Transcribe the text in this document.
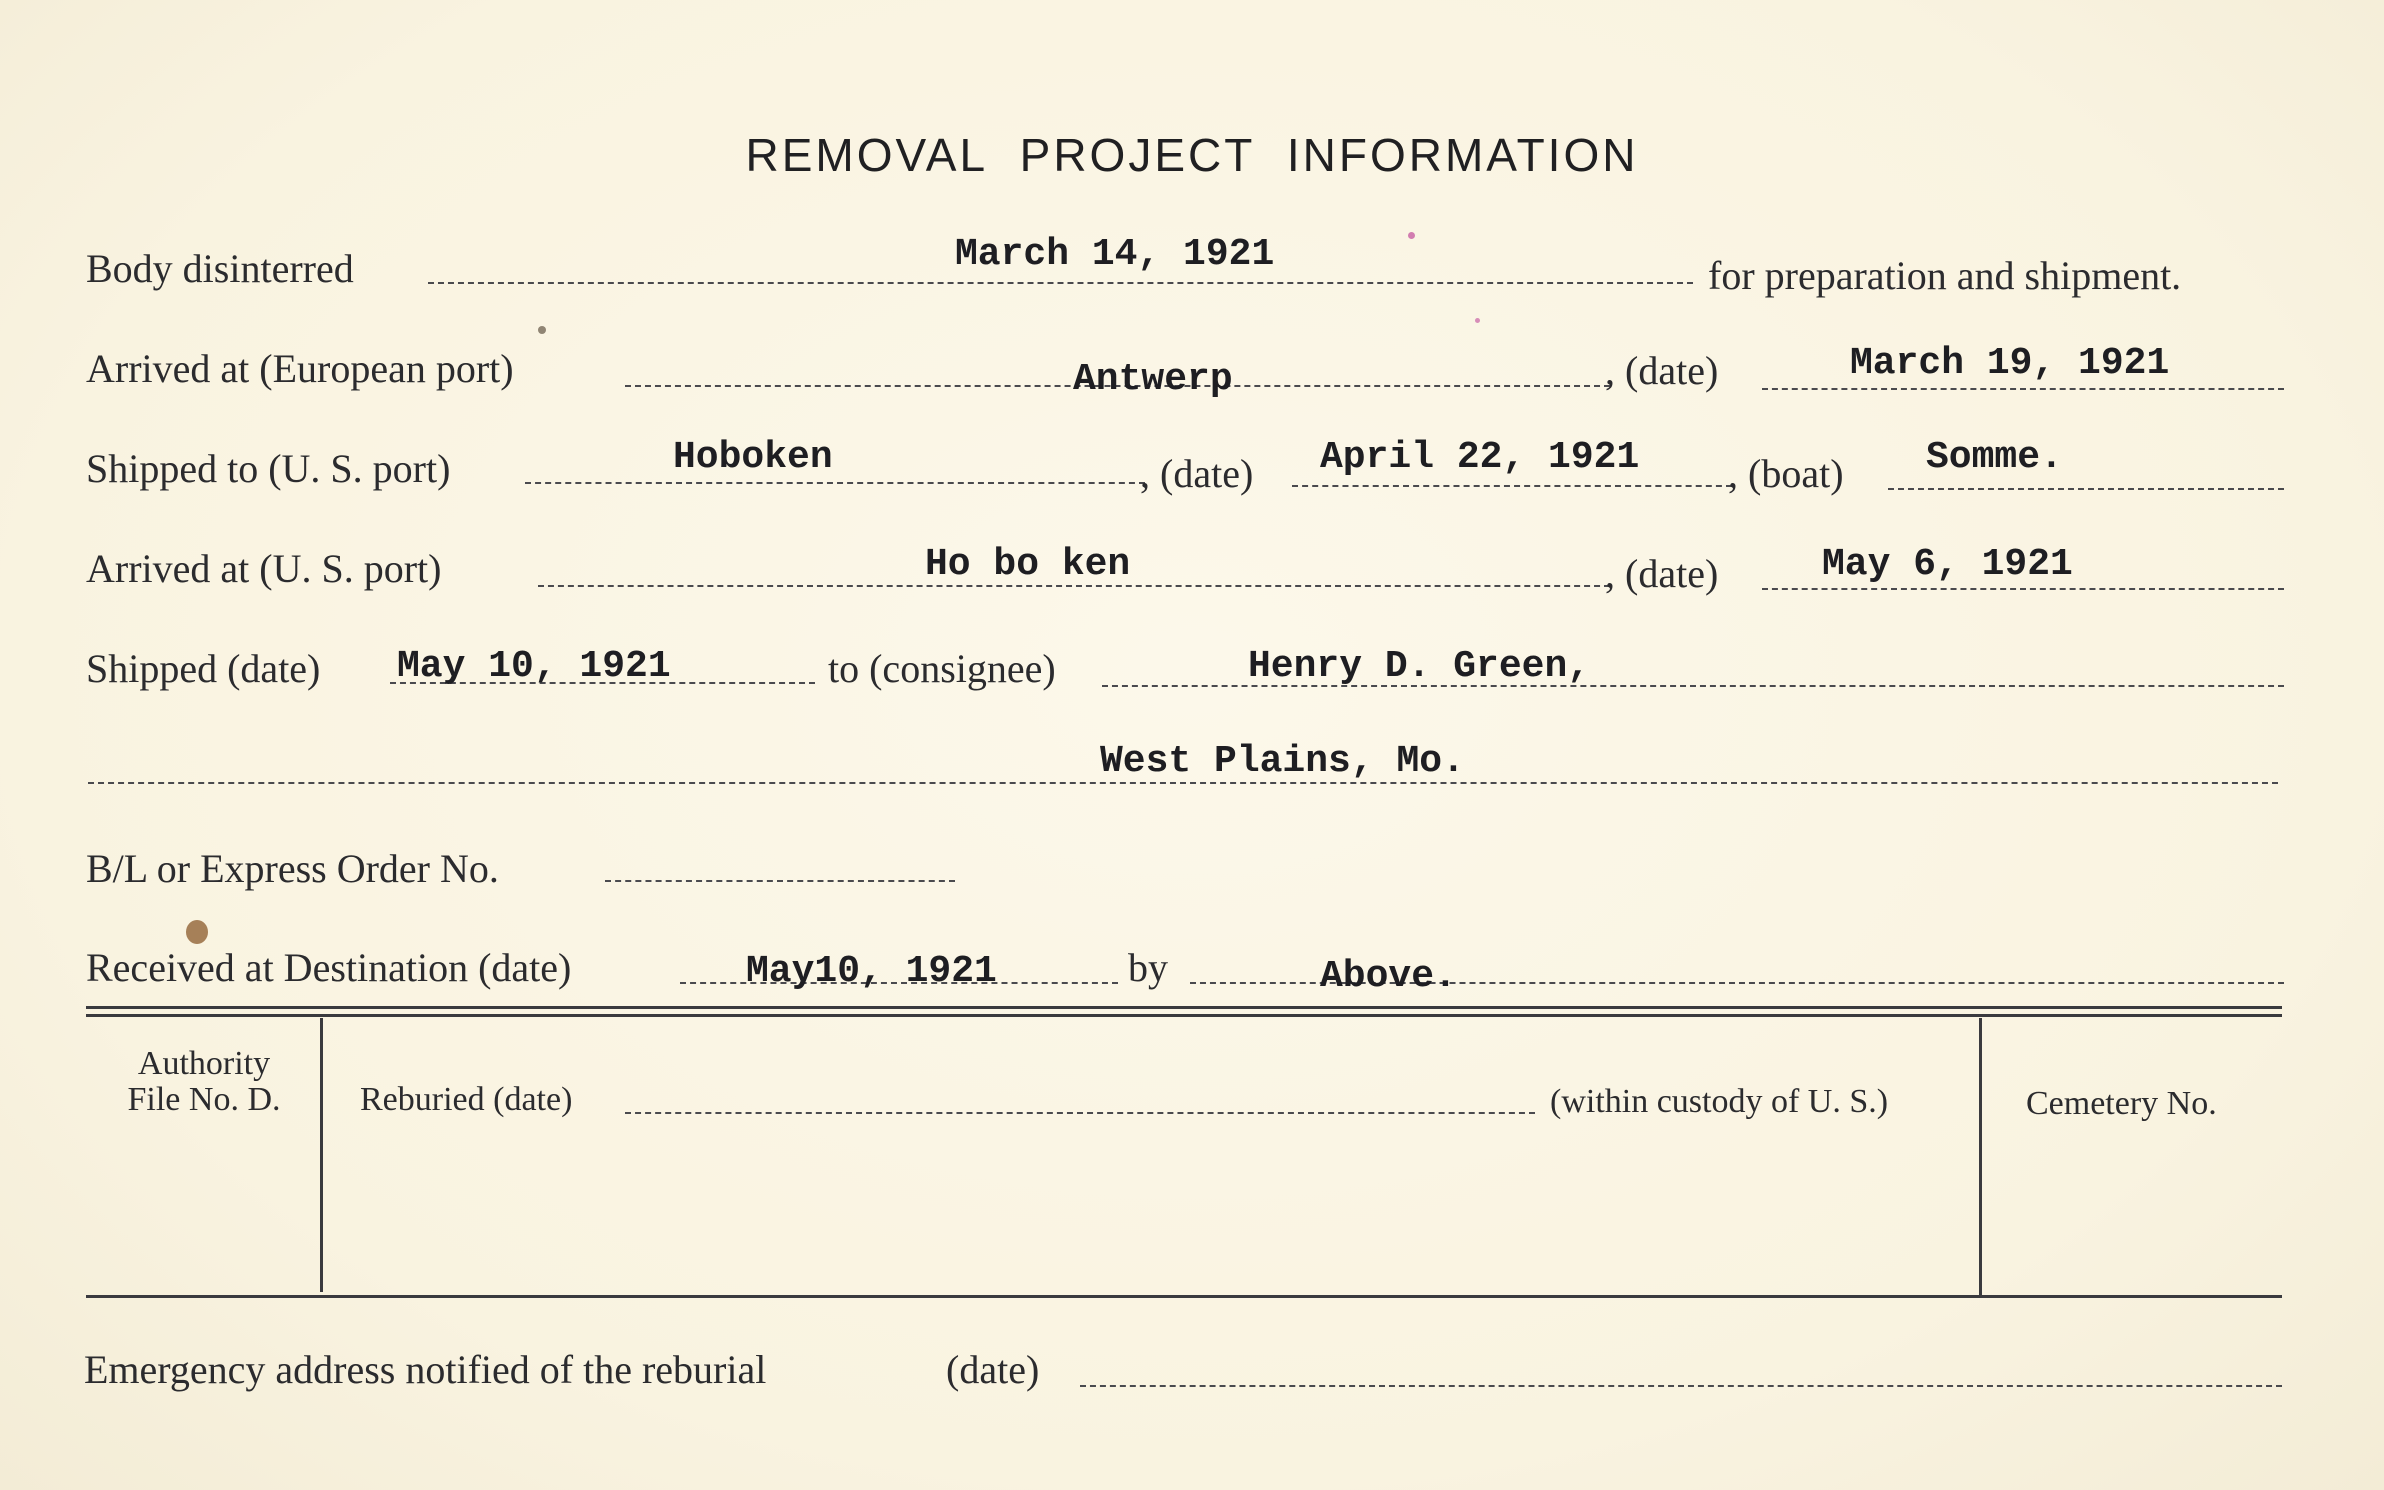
REMOVAL PROJECT INFORMATION
Body disinterred	March 14, 1921	for preparation and shipment.
Arrived at (European port)	Antwerp	, (date)	March 19, 1921
Shipped to (U. S. port)	Hoboken	, (date) April 22, 1921 , (boat) Somme.
Arrived at (U. S. port)	Ho bo ken	, (date)	May 6, 1921
Shipped (date) May 10, 1921	to (consignee)	Henry D. Green,
West Plains, Mo.
B/L or Express Order No.
Received at Destination (date)	May10, 1921	by	Above.
Authority
File No. D.	Reburied (date)	(within custody of U. S.)	Cemetery No.
Emergency address notified of the reburial	(date)
